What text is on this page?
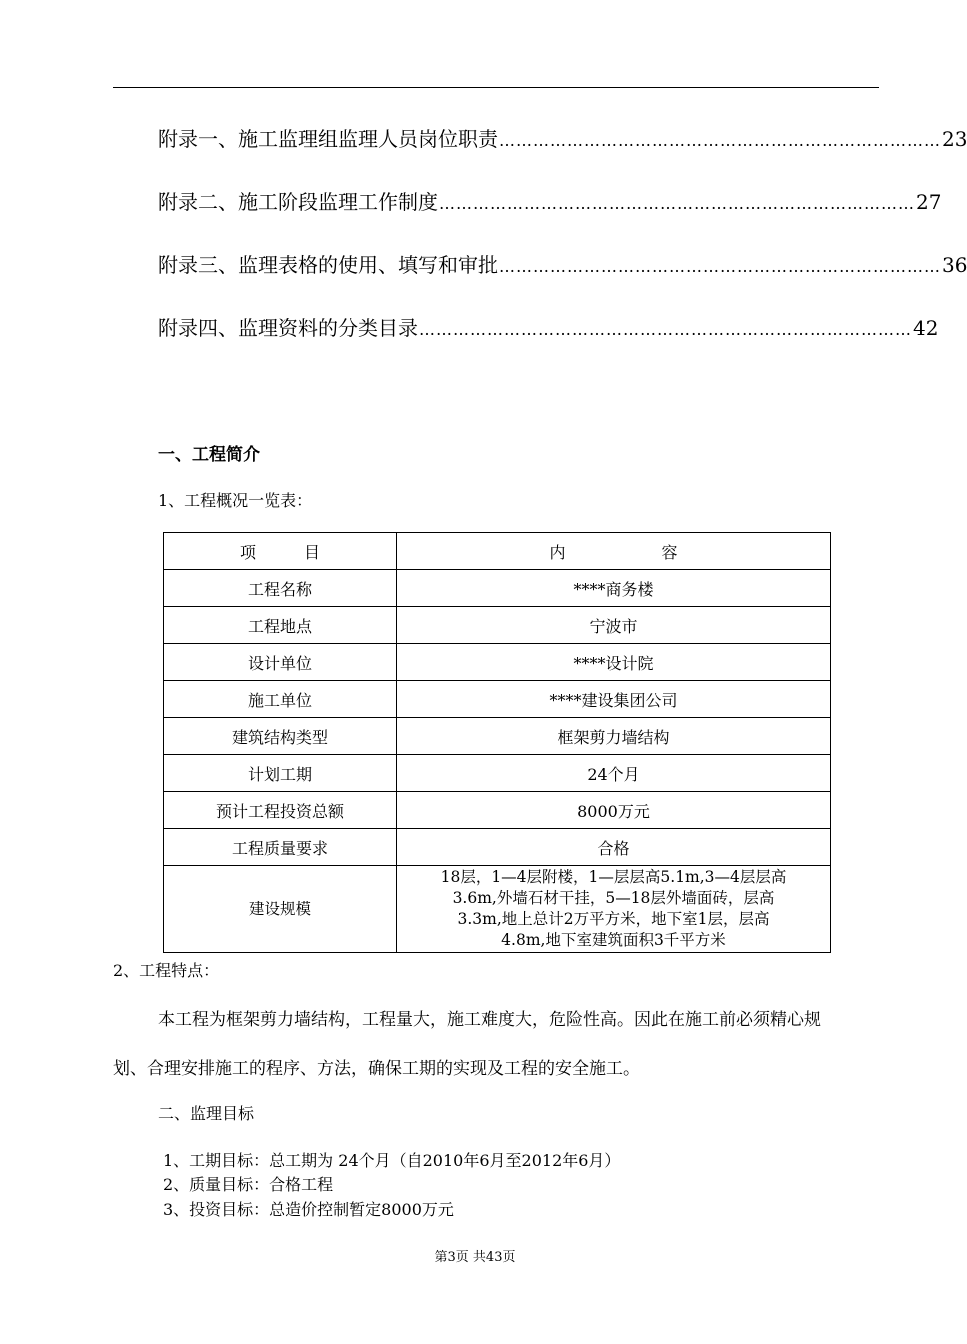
附录一、施工监理组监理人员岗位职责 …………………………………………………………………… 23
附录二、施工阶段监理工作制度 ………………………………………………………………………… 27
附录三、监理表格的使用、填写和审批 …………………………………………………………………… 36
附录四、监理资料的分类目录 …………………………………………………………………………… 42
一、工程简介
1、工程概况一览表：
项　　　目	内　　　　　　容
工程名称	****商务楼
工程地点	宁波市
设计单位	****设计院
施工单位	****建设集团公司
建筑结构类型	框架剪力墙结构
计划工期	24个月
预计工程投资总额	8000万元
工程质量要求	合格
建设规模	18层，1—4层附楼，1—层层高5.1m,3—4层层高
3.6m,外墙石材干挂，5—18层外墙面砖，层高
3.3m,地上总计2万平方米，地下室1层，层高
4.8m,地下室建筑面积3千平方米
2、工程特点：
本工程为框架剪力墙结构，工程量大，施工难度大，危险性高。因此在施工前必须精心规
划、合理安排施工的程序、方法，确保工期的实现及工程的安全施工。
二、监理目标
1、工期目标：总工期为 24个月（自2010年6月至2012年6月）
2、质量目标：合格工程
3、投资目标：总造价控制暂定8000万元
第3页 共43页
